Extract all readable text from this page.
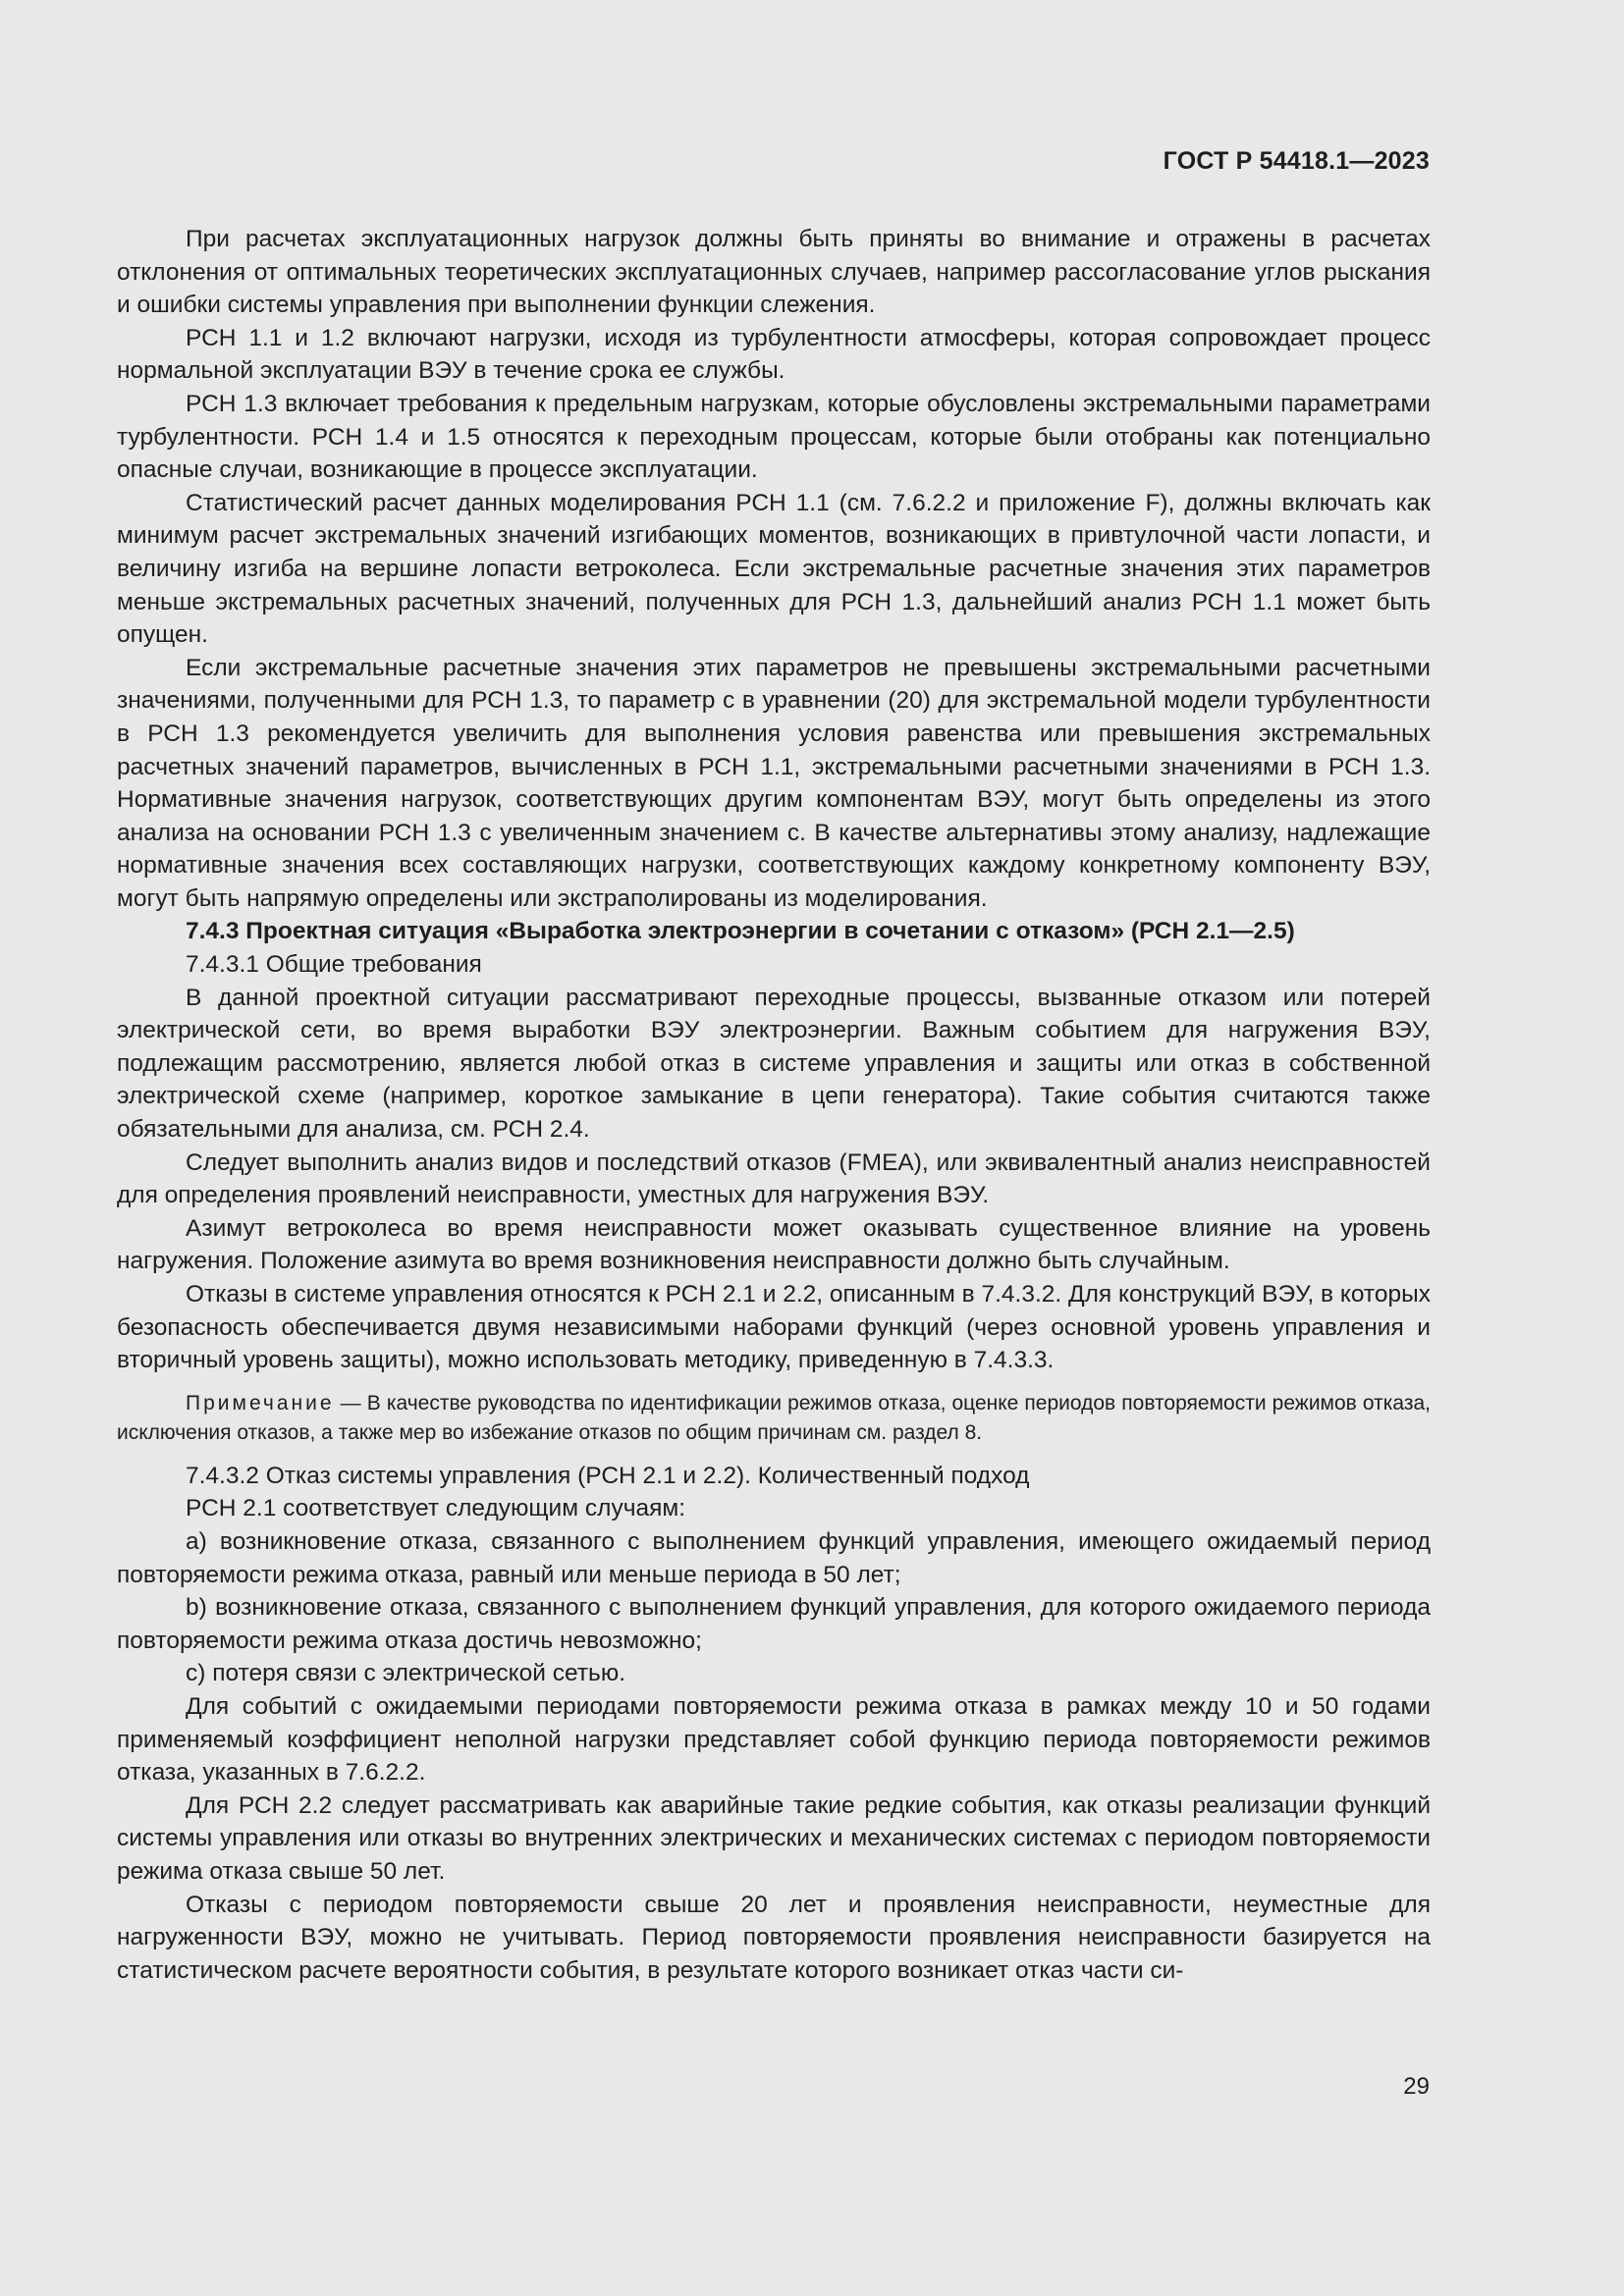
ГОСТ Р 54418.1—2023

При расчетах эксплуатационных нагрузок должны быть приняты во внимание и отражены в расчетах отклонения от оптимальных теоретических эксплуатационных случаев, например рассогласование углов рыскания и ошибки системы управления при выполнении функции слежения.

РСН 1.1 и 1.2 включают нагрузки, исходя из турбулентности атмосферы, которая сопровождает процесс нормальной эксплуатации ВЭУ в течение срока ее службы.

РСН 1.3 включает требования к предельным нагрузкам, которые обусловлены экстремальными параметрами турбулентности. РСН 1.4 и 1.5 относятся к переходным процессам, которые были отобраны как потенциально опасные случаи, возникающие в процессе эксплуатации.

Статистический расчет данных моделирования РСН 1.1 (см. 7.6.2.2 и приложение F), должны включать как минимум расчет экстремальных значений изгибающих моментов, возникающих в привтулочной части лопасти, и величину изгиба на вершине лопасти ветроколеса. Если экстремальные расчетные значения этих параметров меньше экстремальных расчетных значений, полученных для РСН 1.3, дальнейший анализ РСН 1.1 может быть опущен.

Если экстремальные расчетные значения этих параметров не превышены экстремальными расчетными значениями, полученными для РСН 1.3, то параметр c в уравнении (20) для экстремальной модели турбулентности в РСН 1.3 рекомендуется увеличить для выполнения условия равенства или превышения экстремальных расчетных значений параметров, вычисленных в РСН 1.1, экстремальными расчетными значениями в РСН 1.3. Нормативные значения нагрузок, соответствующих другим компонентам ВЭУ, могут быть определены из этого анализа на основании РСН 1.3 с увеличенным значением c. В качестве альтернативы этому анализу, надлежащие нормативные значения всех составляющих нагрузки, соответствующих каждому конкретному компоненту ВЭУ, могут быть напрямую определены или экстраполированы из моделирования.

7.4.3 Проектная ситуация «Выработка электроэнергии в сочетании с отказом» (РСН 2.1—2.5)

7.4.3.1 Общие требования

В данной проектной ситуации рассматривают переходные процессы, вызванные отказом или потерей электрической сети, во время выработки ВЭУ электроэнергии. Важным событием для нагружения ВЭУ, подлежащим рассмотрению, является любой отказ в системе управления и защиты или отказ в собственной электрической схеме (например, короткое замыкание в цепи генератора). Такие события считаются также обязательными для анализа, см. РСН 2.4.

Следует выполнить анализ видов и последствий отказов (FMEA), или эквивалентный анализ неисправностей для определения проявлений неисправности, уместных для нагружения ВЭУ.

Азимут ветроколеса во время неисправности может оказывать существенное влияние на уровень нагружения. Положение азимута во время возникновения неисправности должно быть случайным.

Отказы в системе управления относятся к РСН 2.1 и 2.2, описанным в 7.4.3.2. Для конструкций ВЭУ, в которых безопасность обеспечивается двумя независимыми наборами функций (через основной уровень управления и вторичный уровень защиты), можно использовать методику, приведенную в 7.4.3.3.

Примечание — В качестве руководства по идентификации режимов отказа, оценке периодов повторяемости режимов отказа, исключения отказов, а также мер во избежание отказов по общим причинам см. раздел 8.

7.4.3.2 Отказ системы управления (РСН 2.1 и 2.2). Количественный подход

РСН 2.1 соответствует следующим случаям:

a) возникновение отказа, связанного с выполнением функций управления, имеющего ожидаемый период повторяемости режима отказа, равный или меньше периода в 50 лет;

b) возникновение отказа, связанного с выполнением функций управления, для которого ожидаемого периода повторяемости режима отказа достичь невозможно;

c) потеря связи с электрической сетью.

Для событий с ожидаемыми периодами повторяемости режима отказа в рамках между 10 и 50 годами применяемый коэффициент неполной нагрузки представляет собой функцию периода повторяемости режимов отказа, указанных в 7.6.2.2.

Для РСН 2.2 следует рассматривать как аварийные такие редкие события, как отказы реализации функций системы управления или отказы во внутренних электрических и механических системах с периодом повторяемости режима отказа свыше 50 лет.

Отказы с периодом повторяемости свыше 20 лет и проявления неисправности, неуместные для нагруженности ВЭУ, можно не учитывать. Период повторяемости проявления неисправности базируется на статистическом расчете вероятности события, в результате которого возникает отказ части си-

29
